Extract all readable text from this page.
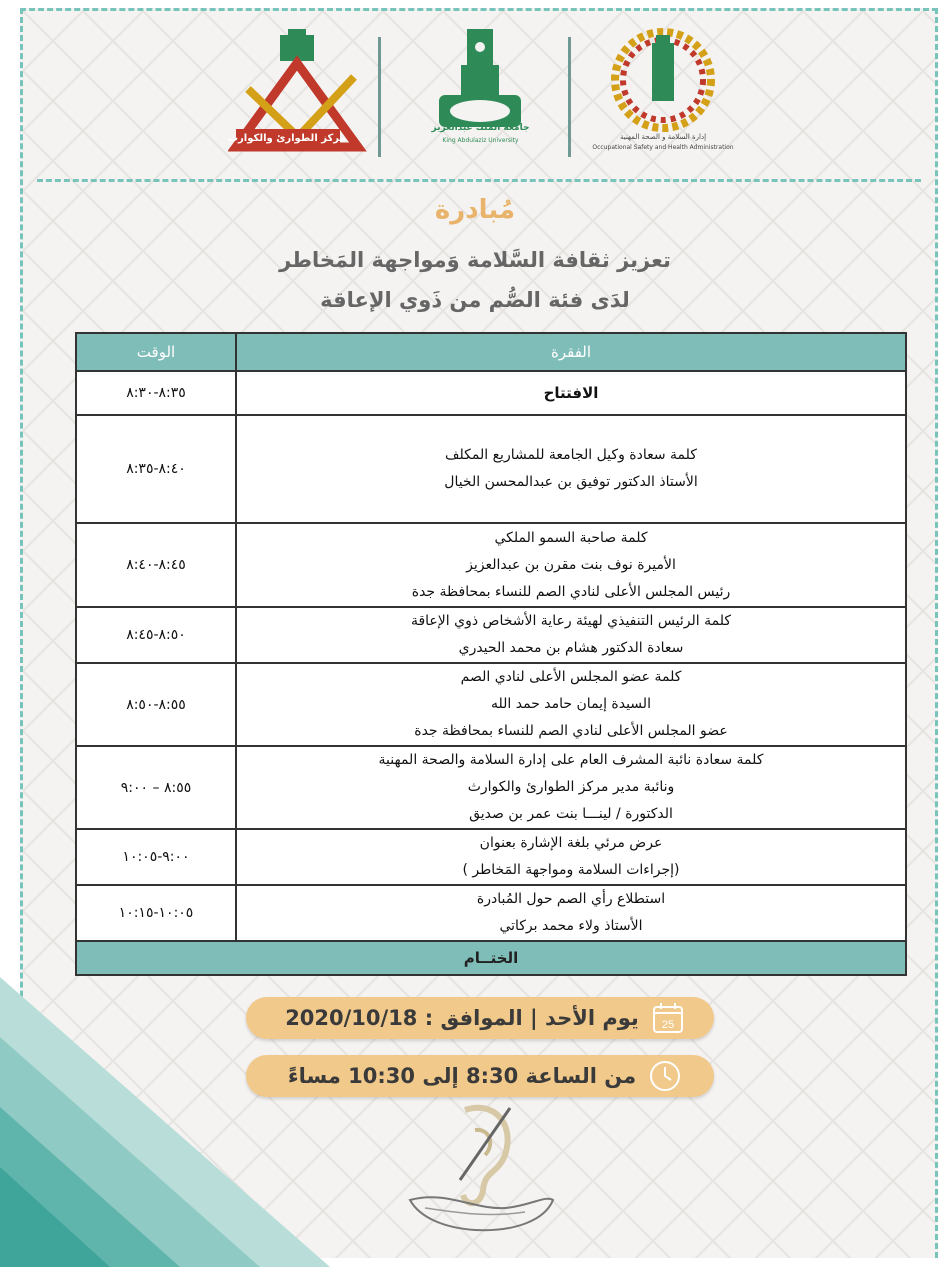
مركز الطوارئ والكوارث
جامعة الملك عبدالعزيز
King Abdulaziz University	إدارة السلامة و الصحة المهنية
Occupational Safety and Health Administration
مُبادرة
تعزيز ثقافة السَّلامة وَمواجهة المَخاطر
لدَى فئة الصُّم من ذَوي الإعاقة
الفقرة	الوقت

الافتتاح	٨:٣٥-٨:٣٠

كلمة سعادة وكيل الجامعة للمشاريع المكلف
الأستاذ الدكتور توفيق بن عبدالمحسن الخيال	٨:٤٠-٨:٣٥

كلمة صاحبة السمو الملكي
الأميرة نوف بنت مقرن بن عبدالعزيز
رئيس المجلس الأعلى لنادي الصم للنساء بمحافظة جدة	٨:٤٥-٨:٤٠

كلمة الرئيس التنفيذي لهيئة رعاية الأشخاص ذوي الإعاقة
سعادة الدكتور هشام بن محمد الحيدري	٨:٥٠-٨:٤٥

كلمة عضو المجلس الأعلى لنادي الصم
السيدة إيمان حامد حمد الله
عضو المجلس الأعلى لنادي الصم للنساء بمحافظة جدة	٨:٥٥-٨:٥٠

كلمة سعادة نائبة المشرف العام على إدارة السلامة والصحة المهنية
ونائبة مدير مركز الطوارئ والكوارث
الدكتورة / لينـــا بنت عمر بن صديق	٨:٥٥ – ٩:٠٠

عرض مرئي بلغة الإشارة بعنوان
(إجراءات السلامة ومواجهة المَخاطر )	٩:٠٠-١٠:٠٥

استطلاع رأي الصم حول المُبادرة
الأستاذ ولاء محمد بركاتي	١٠:٠٥-١٠:١٥
الختــام	
يوم الأحد | الموافق : 2020/10/18 25
من الساعة 8:30 إلى 10:30 مساءً
